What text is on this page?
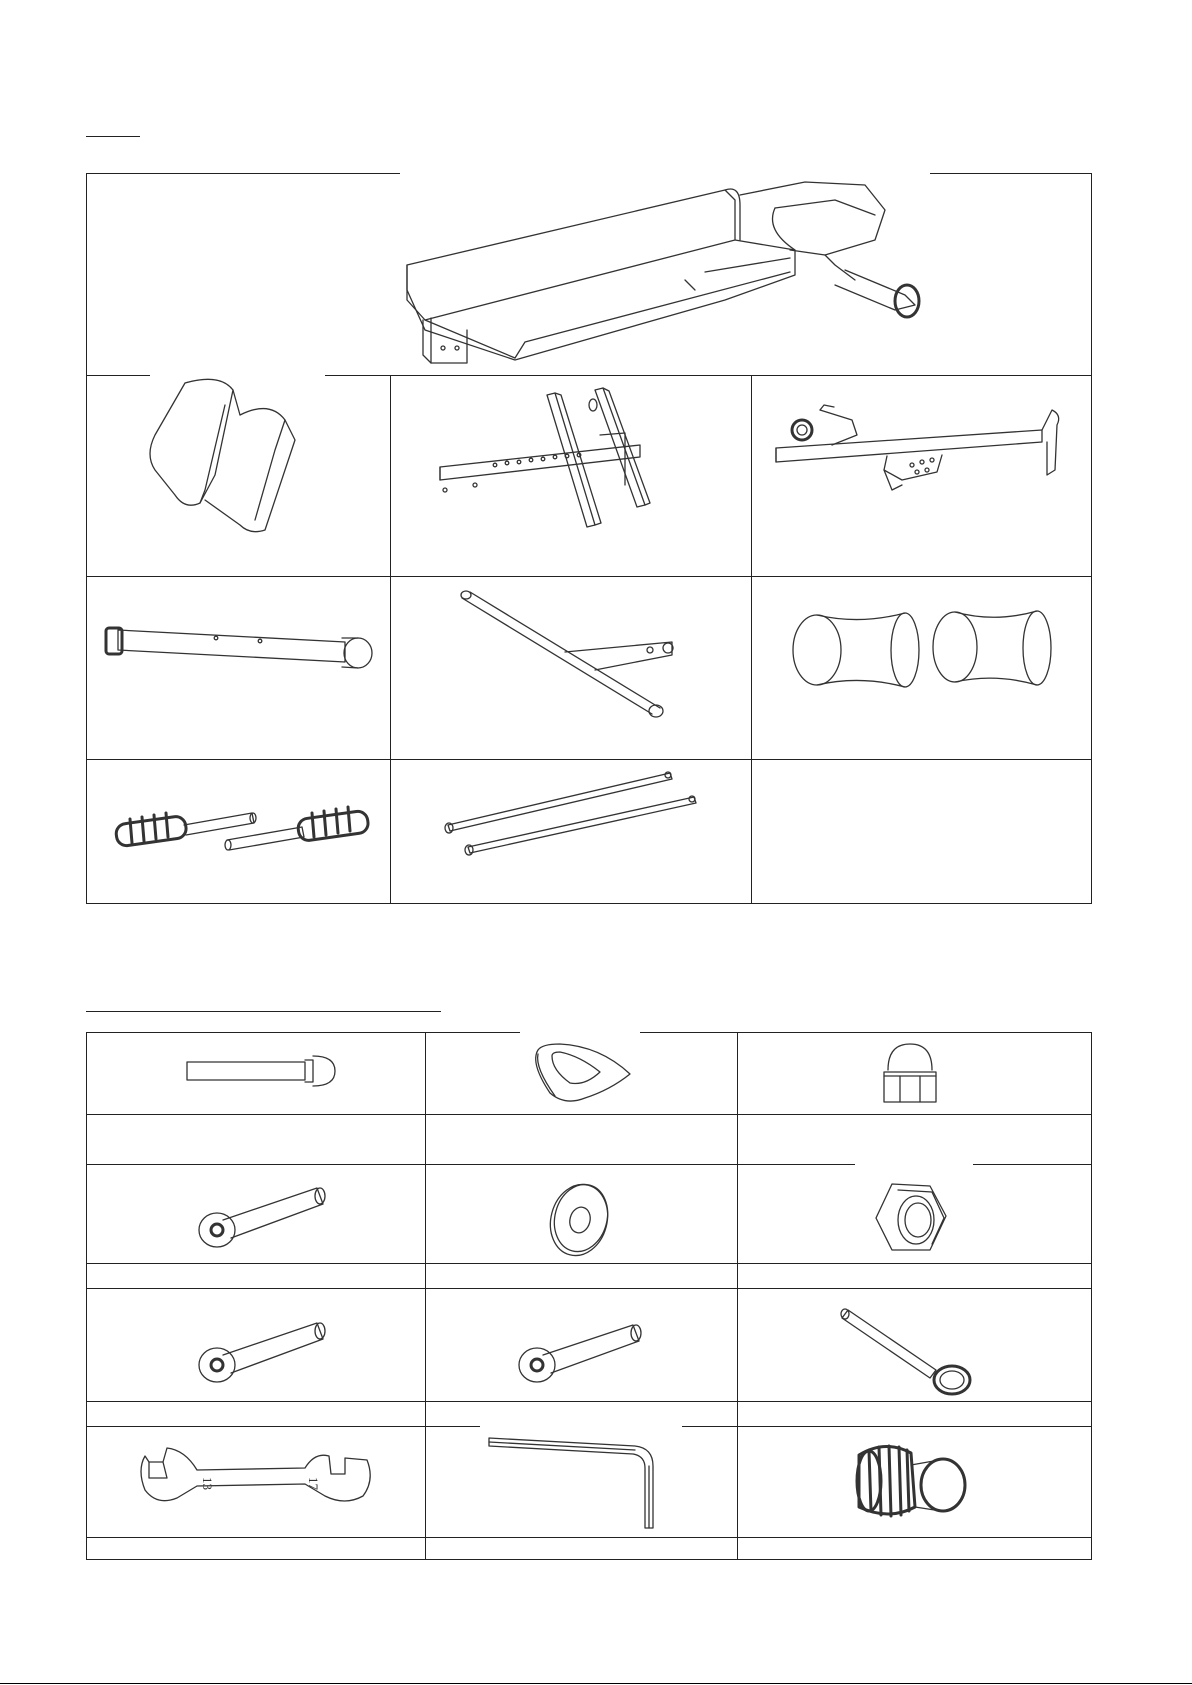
13	17
